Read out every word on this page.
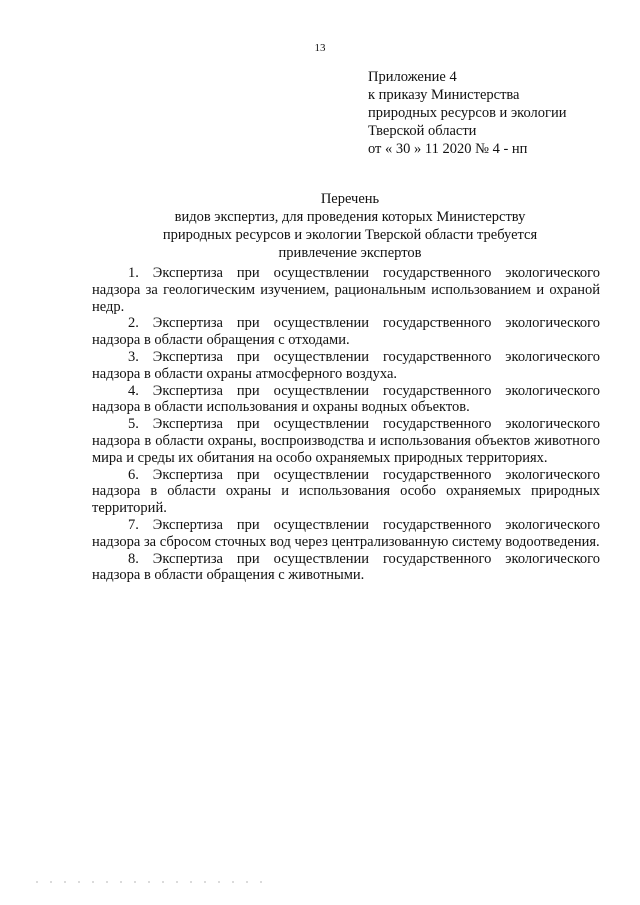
13
Приложение 4
к приказу Министерства
природных ресурсов и экологии
Тверской области
от « 30 » 11 2020 № 4 - нп
Перечень
видов экспертиз, для проведения которых Министерству
природных ресурсов и экологии Тверской области требуется
привлечение экспертов

1. Экспертиза при осуществлении государственного экологического надзора за геологическим изучением, рациональным использованием и охраной недр.

2. Экспертиза при осуществлении государственного экологического надзора в области обращения с отходами.

3. Экспертиза при осуществлении государственного экологического надзора в области охраны атмосферного воздуха.

4. Экспертиза при осуществлении государственного экологического надзора в области использования и охраны водных объектов.

5. Экспертиза при осуществлении государственного экологического надзора в области охраны, воспроизводства и использования объектов животного мира и среды их обитания на особо охраняемых природных территориях.

6. Экспертиза при осуществлении государственного экологического надзора в области охраны и использования особо охраняемых природных территорий.

7. Экспертиза при осуществлении государственного экологического надзора за сбросом сточных вод через централизованную систему водоотведения.

8. Экспертиза при осуществлении государственного экологического надзора в области обращения с животными.
